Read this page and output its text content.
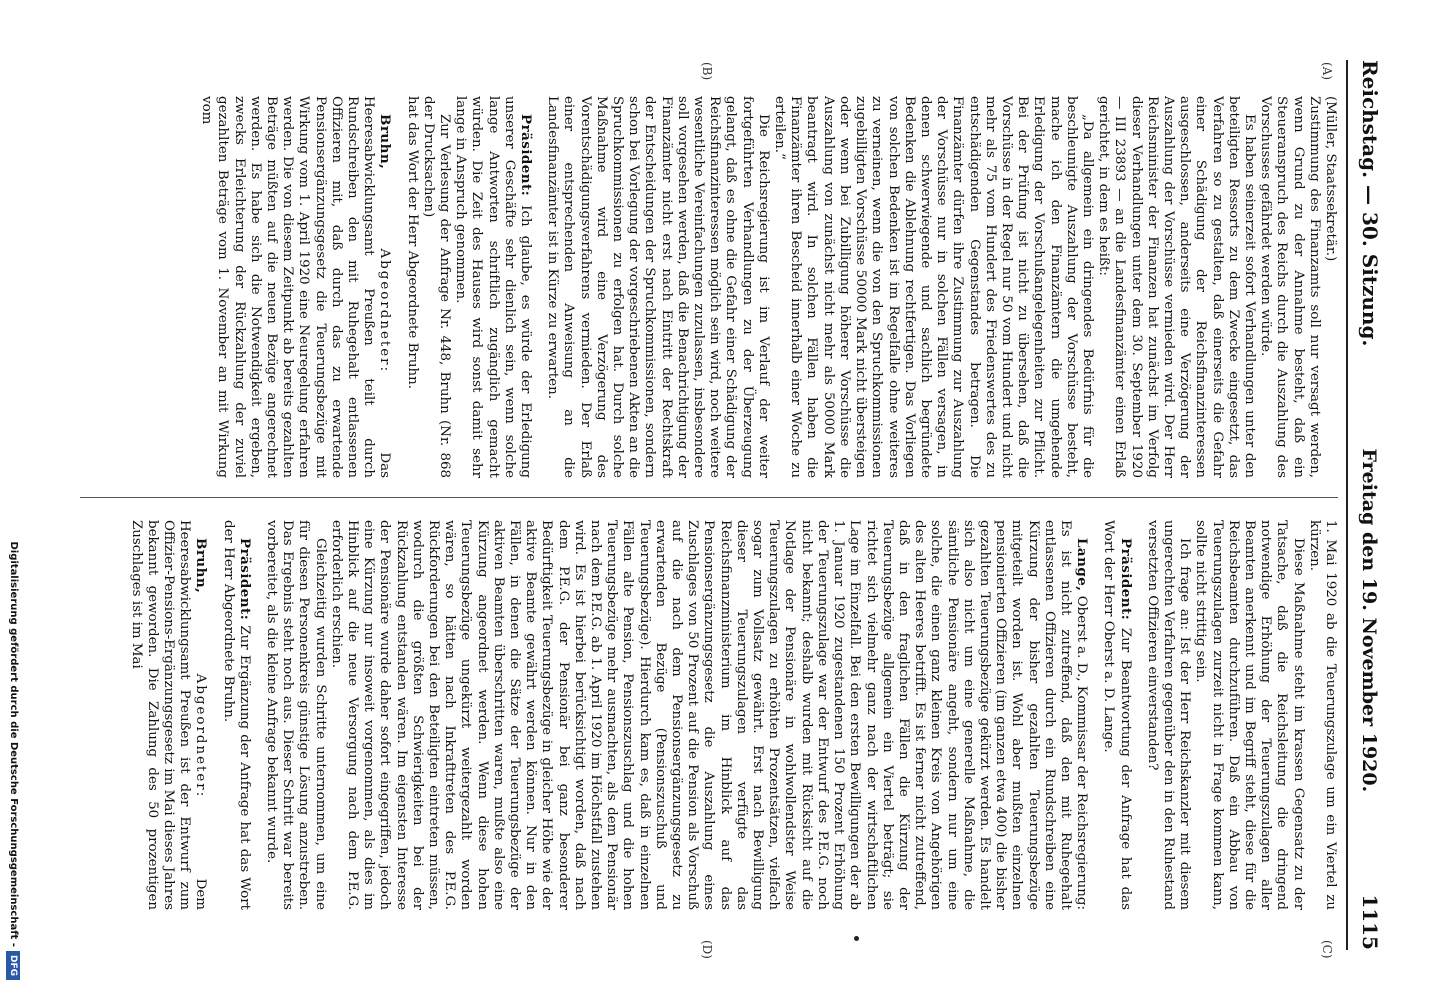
Reichstag. — 30. Sitzung.
Freitag den 19. November 1920.
1115
(A)
(B)
(C)
(D)

(Müller, Staatssekretär.)

Zustimmung des Finanzamts soll nur versagt werden, wenn Grund zu der Annahme besteht, daß ein Steueranspruch des Reichs durch die Auszahlung des Vorschusses gefährdet werden würde.

Es haben seinerzeit sofort Verhandlungen unter den beteiligten Ressorts zu dem Zwecke eingesetzt, das Verfahren so zu gestalten, daß einerseits die Gefahr einer Schädigung der Reichsfinanzinteressen ausgeschlossen, anderseits eine Verzögerung der Auszahlung der Vorschüsse vermieden wird. Der Herr Reichsminister der Finanzen hat zunächst im Verfolg dieser Verhandlungen unter dem 30. September 1920 — III 23893 — an die Landesfinanzämter einen Erlaß gerichtet, in dem es heißt:

„Da allgemein ein dringendes Bedürfnis für die beschleunigte Auszahlung der Vorschüsse besteht, mache ich den Finanzämtern die umgehende Erledigung der Vorschußangelegenheiten zur Pflicht. Bei der Prüfung ist nicht zu übersehen, daß die Vorschüsse in der Regel nur 50 vom Hundert und nicht mehr als 75 vom Hundert des Friedenswertes des zu entschädigenden Gegenstandes betragen. Die Finanzämter dürfen ihre Zustimmung zur Auszahlung der Vorschüsse nur in solchen Fällen versagen, in denen schwerwiegende und sachlich begründete Bedenken die Ablehnung rechtfertigen. Das Vorliegen von solchen Bedenken ist im Regelfalle ohne weiteres zu verneinen, wenn die von den Spruchkommissionen zugebilligten Vorschüsse 50000 Mark nicht übersteigen oder wenn bei Zubilligung höherer Vorschüsse die Auszahlung von zunächst nicht mehr als 50000 Mark beantragt wird. In solchen Fällen haben die Finanzämter ihren Bescheid innerhalb einer Woche zu erteilen.“

Die Reichsregierung ist im Verlauf der weiter fortgeführten Verhandlungen zu der Überzeugung gelangt, daß es ohne die Gefahr einer Schädigung der Reichsfinanzinteressen möglich sein wird, noch weitere wesentliche Vereinfachungen zuzulassen, insbesondere soll vorgesehen werden, daß die Benachrichtigung der Finanzämter nicht erst nach Eintritt der Rechtskraft der Entscheidungen der Spruchkommissionen, sondern schon bei Vorlegung der vorgeschriebenen Akten an die Spruchkommissionen zu erfolgen hat. Durch solche Maßnahme wird eine Verzögerung des Vorentschädigungsverfahrens vermieden. Der Erlaß einer entsprechenden Anweisung an die Landesfinanzämter ist in Kürze zu erwarten.

Präsident: Ich glaube, es würde der Erledigung unserer Geschäfte sehr dienlich sein, wenn solche lange Antworten schriftlich zugänglich gemacht würden. Die Zeit des Hauses wird sonst damit sehr lange in Anspruch genommen.

Zur Verlesung der Anfrage Nr. 448, Bruhn (Nr. 868 der Drucksachen)

hat das Wort der Herr Abgeordnete Bruhn.

Bruhn, Abgeordneter: Das Heeresabwicklungsamt Preußen teilt durch Rundschreiben den mit Ruhegehalt entlassenen Offizieren mit, daß durch das zu erwartende Pensionsergänzungsgesetz die Teuerungsbezüge mit Wirkung vom 1. April 1920 eine Neuregelung erfahren werden. Die von diesem Zeitpunkt ab bereits gezahlten Beträge müßten auf die neuen Bezüge angerechnet werden. Es habe sich die Notwendigkeit ergeben, zwecks Erleichterung der Rückzahlung der zuviel gezahlten Beträge vom 1. November an mit Wirkung vom

1. Mai 1920 ab die Teuerungszulage um ein Viertel zu kürzen.

Diese Maßnahme steht im krassen Gegensatz zu der Tatsache, daß die Reichsleitung die dringend notwendige Erhöhung der Teuerungszulagen aller Beamten anerkennt und im Begriff steht, diese für die Reichsbeamten durchzuführen. Daß ein Abbau von Teuerungszulagen zurzeit nicht in Frage kommen kann, sollte nicht strittig sein.

Ich frage an: Ist der Herr Reichskanzler mit diesem ungerechten Verfahren gegenüber den in den Ruhestand versetzten Offizieren einverstanden?

Präsident: Zur Beantwortung der Anfrage hat das Wort der Herr Oberst a. D. Lange.

Lange, Oberst a. D., Kommissar der Reichsregierung: Es ist nicht zutreffend, daß den mit Ruhegehalt entlassenen Offizieren durch ein Rundschreiben eine Kürzung der bisher gezahlten Teuerungsbezüge mitgeteilt worden ist. Wohl aber mußten einzelnen pensionierten Offizieren (im ganzen etwa 400) die bisher gezahlten Teuerungsbezüge gekürzt werden. Es handelt sich also nicht um eine generelle Maßnahme, die sämtliche Pensionäre angeht, sondern nur um eine solche, die einen ganz kleinen Kreis von Angehörigen des alten Heeres betrifft. Es ist ferner nicht zutreffend, daß in den fraglichen Fällen die Kürzung der Teuerungsbezüge allgemein ein Viertel beträgt; sie richtet sich vielmehr ganz nach der wirtschaftlichen Lage im Einzelfall. Bei den ersten Bewilligungen der ab 1. Januar 1920 zugestandenen 150 Prozent Erhöhung der Teuerungszulage war der Entwurf des P.E.G. noch nicht bekannt; deshalb wurden mit Rücksicht auf die Notlage der Pensionäre in wohlwollendster Weise Teuerungszulagen zu erhöhten Prozentsätzen, vielfach sogar zum Vollsatz gewährt. Erst nach Bewilligung dieser Teuerungszulagen verfügte das Reichsfinanzministerium im Hinblick auf das Pensionsergänzungsgesetz die Auszahlung eines Zuschlages von 50 Prozent auf die Pension als Vorschuß auf die nach dem Pensionsergänzungsgesetz zu erwartenden Bezüge (Pensionszuschuß und Teuerungsbezüge). Hierdurch kam es, daß in einzelnen Fällen alte Pension, Pensionszuschlag und die hohen Teuerungsbezüge mehr ausmachten, als dem Pensionär nach dem P.E.G. ab 1. April 1920 im Höchstfall zustehen wird. Es ist hierbei berücksichtigt worden, daß nach dem P.E.G. der Pensionär bei ganz besonderer Bedürftigkeit Teuerungsbezüge in gleicher Höhe wie der aktive Beamte gewährt werden können. Nur in den Fällen, in denen die Sätze der Teuerungsbezüge der aktiven Beamten überschritten waren, mußte also eine Kürzung angeordnet werden. Wenn diese hohen Teuerungsbezüge ungekürzt weitergezahlt worden wären, so hätten nach Inkrafttreten des P.E.G. Rückforderungen bei den Beteiligten eintreten müssen, wodurch die größten Schwierigkeiten bei der Rückzahlung entstanden wären. Im eigensten Interesse der Pensionäre wurde daher sofort eingegriffen, jedoch eine Kürzung nur insoweit vorgenommen, als dies im Hinblick auf die neue Versorgung nach dem P.E.G. erforderlich erschien.

Gleichzeitig wurden Schritte unternommen, um eine für diesen Personenkreis günstige Lösung anzustreben. Das Ergebnis steht noch aus. Dieser Schritt war bereits vorbereitet, als die kleine Anfrage bekannt wurde.

Präsident: Zur Ergänzung der Anfrage hat das Wort der Herr Abgeordnete Bruhn.

Bruhn, Abgeordneter: Dem Heeresabwicklungsamt Preußen ist der Entwurf zum Offizier-Pensions-Ergänzungsgesetz im Mai dieses Jahres bekannt geworden. Die Zahlung des 50 prozentigen Zuschlages ist im Mai

Digitalisierung gefördert durch die Deutsche Forschungsgemeinschaft -DFG
